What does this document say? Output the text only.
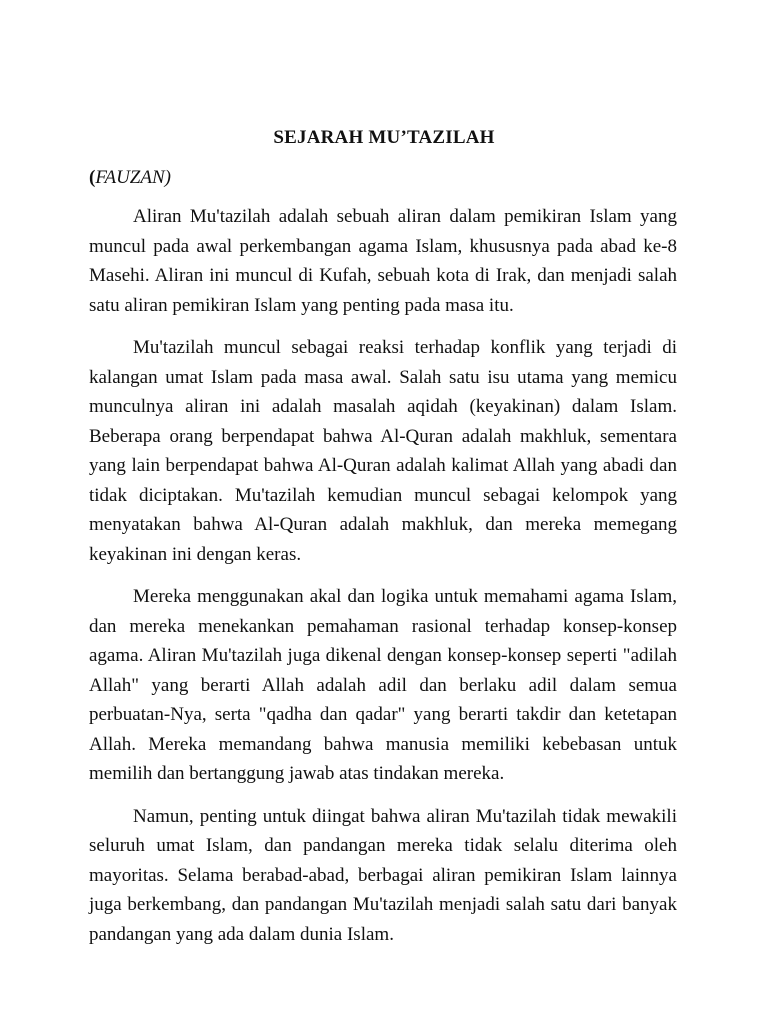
SEJARAH MU’TAZILAH
(FAUZAN)

Aliran Mu'tazilah adalah sebuah aliran dalam pemikiran Islam yang muncul pada awal perkembangan agama Islam, khususnya pada abad ke-8 Masehi. Aliran ini muncul di Kufah, sebuah kota di Irak, dan menjadi salah satu aliran pemikiran Islam yang penting pada masa itu.

Mu'tazilah muncul sebagai reaksi terhadap konflik yang terjadi di kalangan umat Islam pada masa awal. Salah satu isu utama yang memicu munculnya aliran ini adalah masalah aqidah (keyakinan) dalam Islam. Beberapa orang berpendapat bahwa Al-Quran adalah makhluk, sementara yang lain berpendapat bahwa Al-Quran adalah kalimat Allah yang abadi dan tidak diciptakan. Mu'tazilah kemudian muncul sebagai kelompok yang menyatakan bahwa Al-Quran adalah makhluk, dan mereka memegang keyakinan ini dengan keras.

Mereka menggunakan akal dan logika untuk memahami agama Islam, dan mereka menekankan pemahaman rasional terhadap konsep-konsep agama. Aliran Mu'tazilah juga dikenal dengan konsep-konsep seperti "adilah Allah" yang berarti Allah adalah adil dan berlaku adil dalam semua perbuatan-Nya, serta "qadha dan qadar" yang berarti takdir dan ketetapan Allah. Mereka memandang bahwa manusia memiliki kebebasan untuk memilih dan bertanggung jawab atas tindakan mereka.

Namun, penting untuk diingat bahwa aliran Mu'tazilah tidak mewakili seluruh umat Islam, dan pandangan mereka tidak selalu diterima oleh mayoritas. Selama berabad-abad, berbagai aliran pemikiran Islam lainnya juga berkembang, dan pandangan Mu'tazilah menjadi salah satu dari banyak pandangan yang ada dalam dunia Islam.
